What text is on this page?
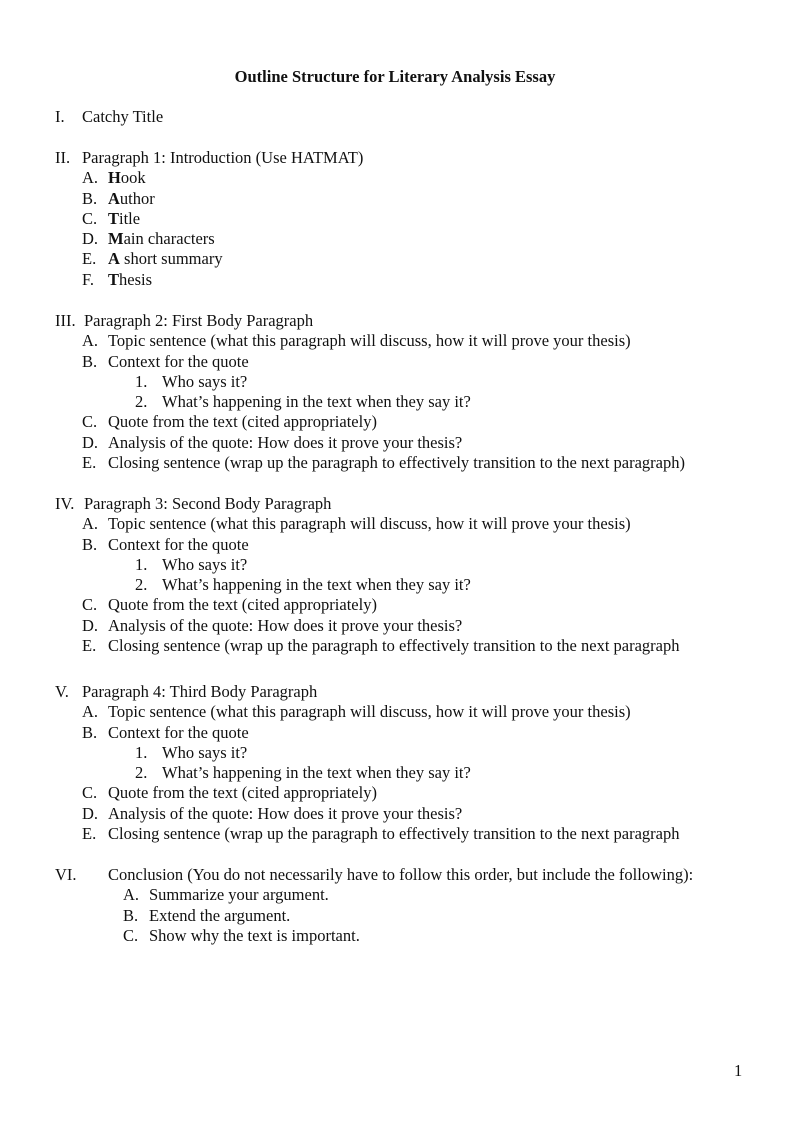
Outline Structure for Literary Analysis Essay
I. Catchy Title
II. Paragraph 1: Introduction (Use HATMAT)
A. Hook
B. Author
C. Title
D. Main characters
E. A short summary
F. Thesis
III. Paragraph 2: First Body Paragraph
A. Topic sentence (what this paragraph will discuss, how it will prove your thesis)
B. Context for the quote
1. Who says it?
2. What’s happening in the text when they say it?
C. Quote from the text (cited appropriately)
D. Analysis of the quote: How does it prove your thesis?
E. Closing sentence (wrap up the paragraph to effectively transition to the next paragraph)
IV. Paragraph 3: Second Body Paragraph
A. Topic sentence (what this paragraph will discuss, how it will prove your thesis)
B. Context for the quote
1. Who says it?
2. What’s happening in the text when they say it?
C. Quote from the text (cited appropriately)
D. Analysis of the quote: How does it prove your thesis?
E. Closing sentence (wrap up the paragraph to effectively transition to the next paragraph
V. Paragraph 4: Third Body Paragraph
A. Topic sentence (what this paragraph will discuss, how it will prove your thesis)
B. Context for the quote
1. Who says it?
2. What’s happening in the text when they say it?
C. Quote from the text (cited appropriately)
D. Analysis of the quote: How does it prove your thesis?
E. Closing sentence (wrap up the paragraph to effectively transition to the next paragraph
VI. Conclusion (You do not necessarily have to follow this order, but include the following):
A. Summarize your argument.
B. Extend the argument.
C. Show why the text is important.
1
